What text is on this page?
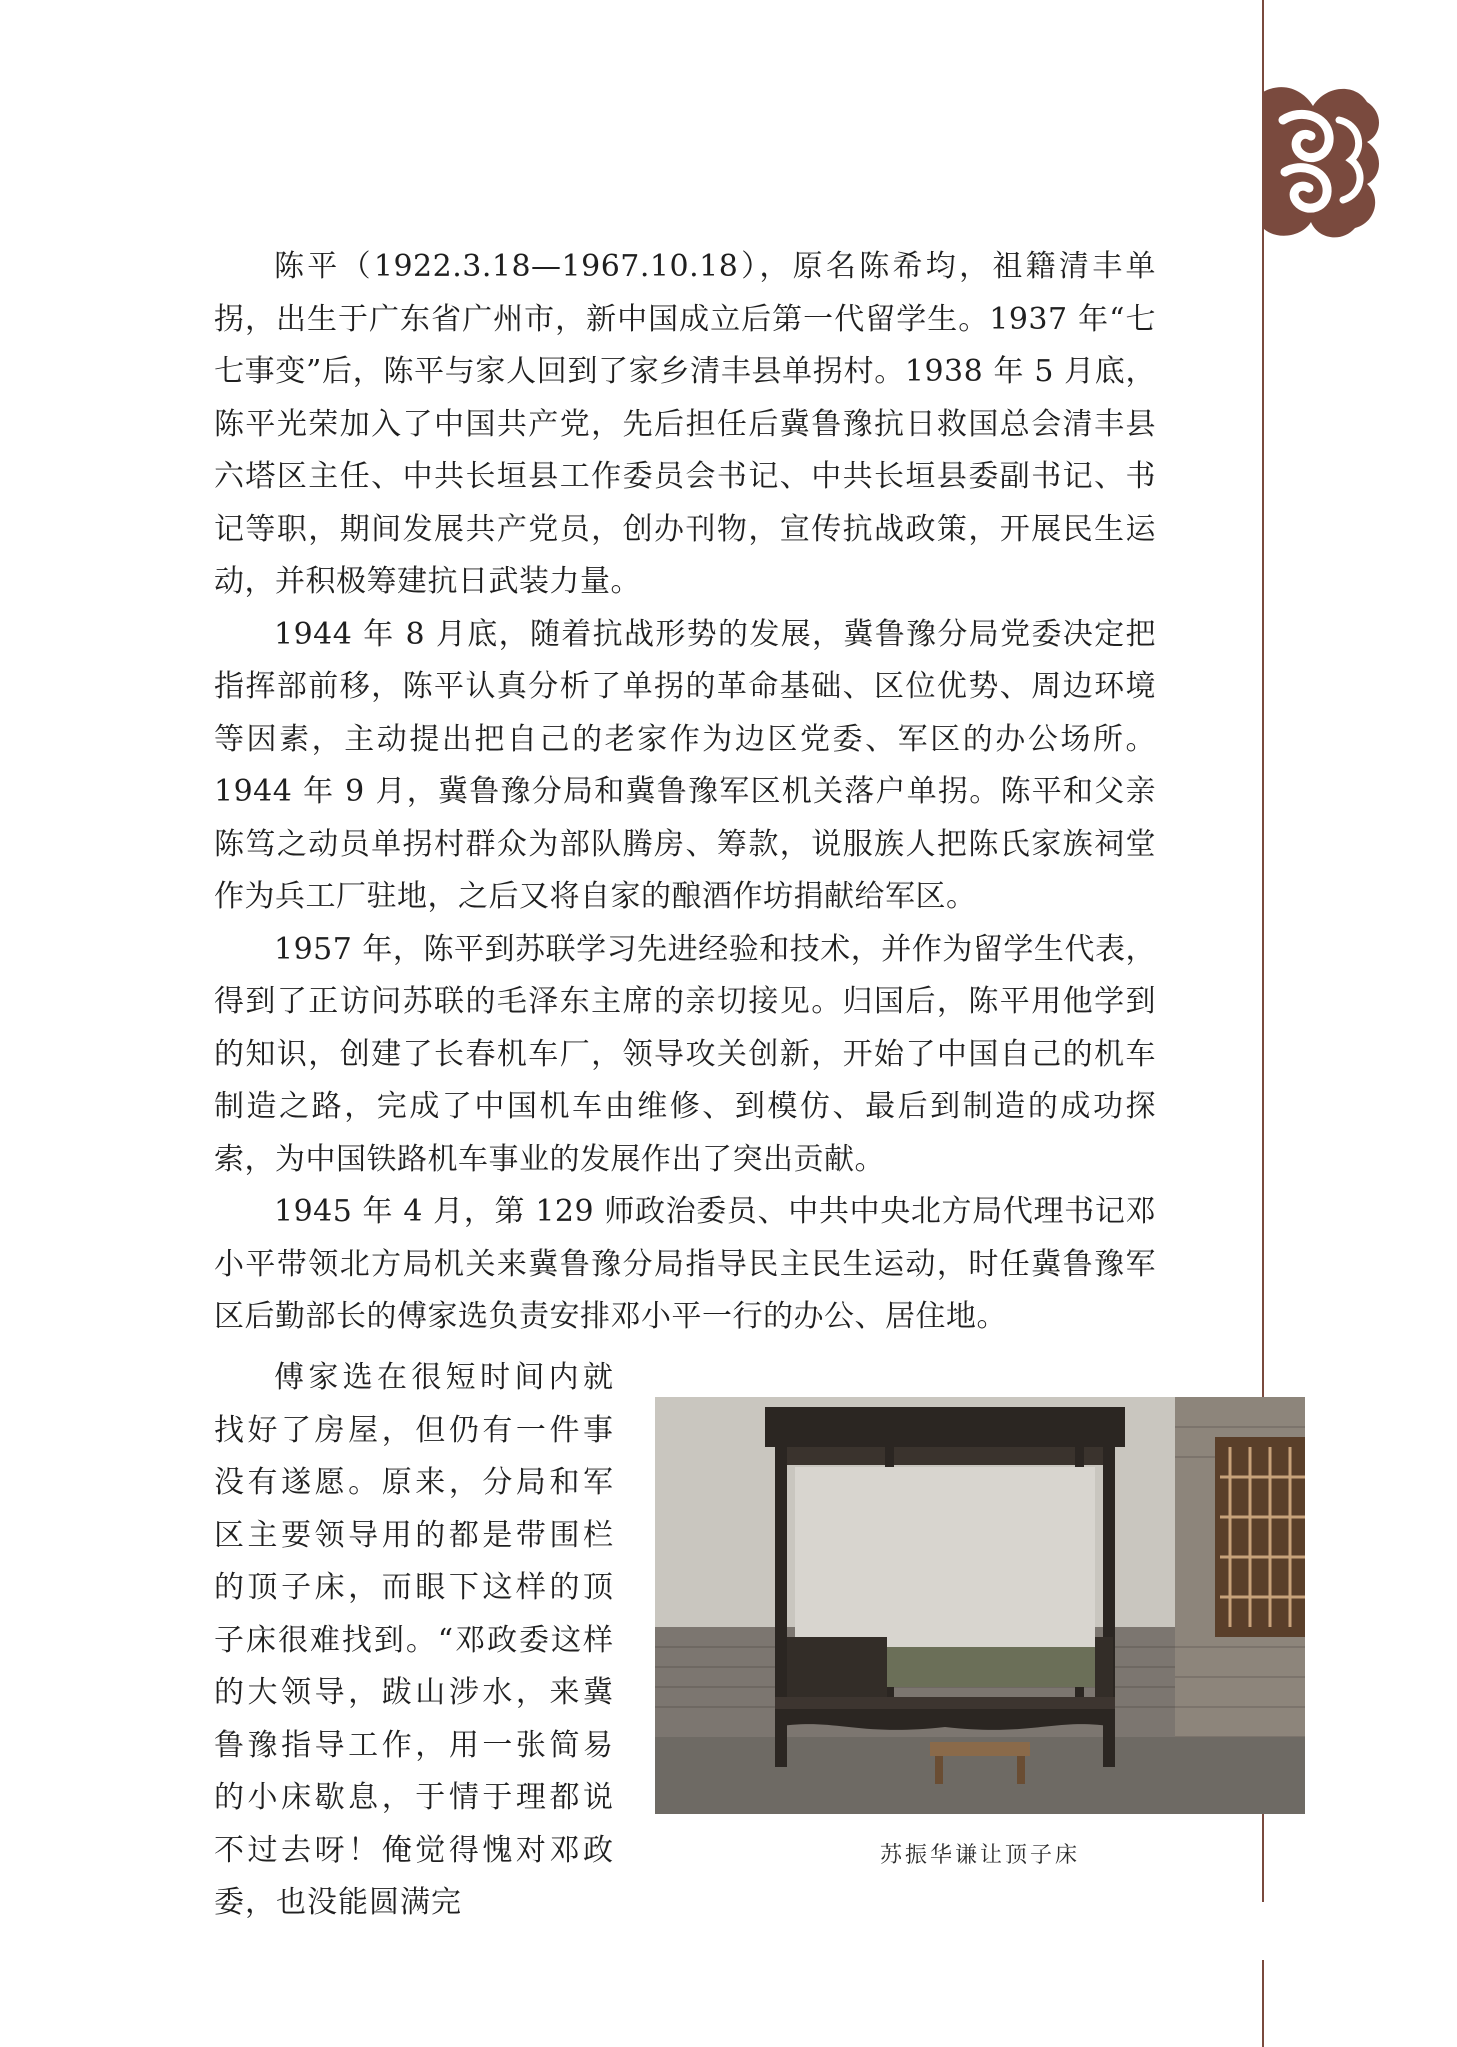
陈平（1922.3.18—1967.10.18），原名陈希均，祖籍清丰单拐，出生于广东省广州市，新中国成立后第一代留学生。1937 年“七七事变”后，陈平与家人回到了家乡清丰县单拐村。1938 年 5 月底，陈平光荣加入了中国共产党，先后担任后冀鲁豫抗日救国总会清丰县六塔区主任、中共长垣县工作委员会书记、中共长垣县委副书记、书记等职，期间发展共产党员，创办刊物，宣传抗战政策，开展民生运动，并积极筹建抗日武装力量。

1944 年 8 月底，随着抗战形势的发展，冀鲁豫分局党委决定把指挥部前移，陈平认真分析了单拐的革命基础、区位优势、周边环境等因素，主动提出把自己的老家作为边区党委、军区的办公场所。1944 年 9 月，冀鲁豫分局和冀鲁豫军区机关落户单拐。陈平和父亲陈笃之动员单拐村群众为部队腾房、筹款，说服族人把陈氏家族祠堂作为兵工厂驻地，之后又将自家的酿酒作坊捐献给军区。

1957 年，陈平到苏联学习先进经验和技术，并作为留学生代表，得到了正访问苏联的毛泽东主席的亲切接见。归国后，陈平用他学到的知识，创建了长春机车厂，领导攻关创新，开始了中国自己的机车制造之路，完成了中国机车由维修、到模仿、最后到制造的成功探索，为中国铁路机车事业的发展作出了突出贡献。

1945 年 4 月，第 129 师政治委员、中共中央北方局代理书记邓小平带领北方局机关来冀鲁豫分局指导民主民生运动，时任冀鲁豫军区后勤部长的傅家选负责安排邓小平一行的办公、居住地。

傅家选在很短时间内就找好了房屋，但仍有一件事没有遂愿。原来，分局和军区主要领导用的都是带围栏的顶子床，而眼下这样的顶子床很难找到。“邓政委这样的大领导，跋山涉水，来冀鲁豫指导工作，用一张简易的小床歇息，于情于理都说不过去呀！俺觉得愧对邓政委，也没能圆满完

苏振华谦让顶子床
